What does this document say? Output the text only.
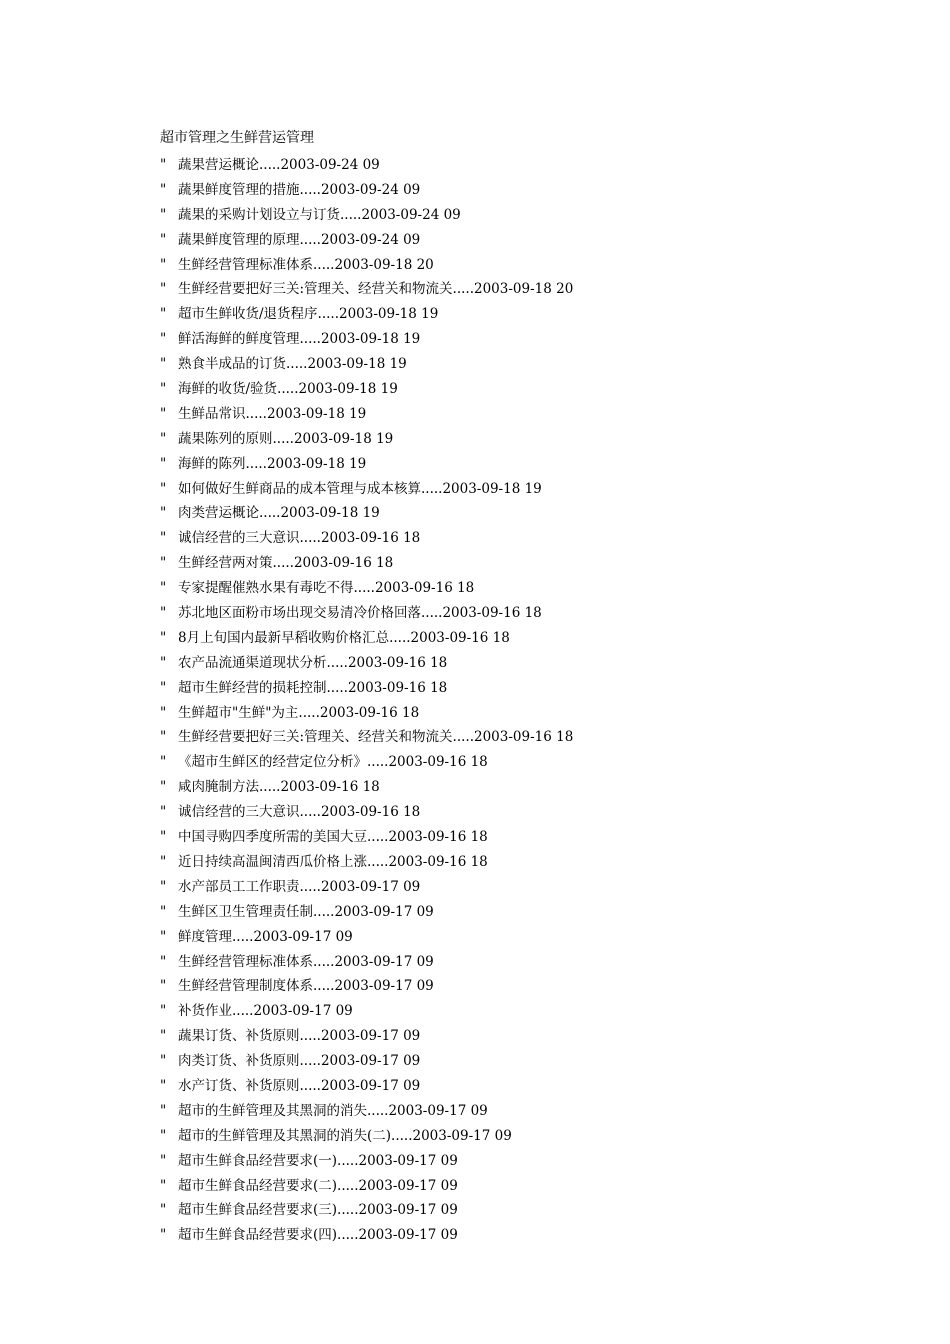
超市管理之生鲜营运管理
" 蔬果营运概论.....2003-09-24 09
" 蔬果鲜度管理的措施.....2003-09-24 09
" 蔬果的采购计划设立与订货.....2003-09-24 09
" 蔬果鲜度管理的原理.....2003-09-24 09
" 生鲜经营管理标准体系.....2003-09-18 20
" 生鲜经营要把好三关:管理关、经营关和物流关.....2003-09-18 20
" 超市生鲜收货/退货程序.....2003-09-18 19
" 鲜活海鲜的鲜度管理.....2003-09-18 19
" 熟食半成品的订货.....2003-09-18 19
" 海鲜的收货/验货.....2003-09-18 19
" 生鲜品常识.....2003-09-18 19
" 蔬果陈列的原则.....2003-09-18 19
" 海鲜的陈列.....2003-09-18 19
" 如何做好生鲜商品的成本管理与成本核算.....2003-09-18 19
" 肉类营运概论.....2003-09-18 19
" 诚信经营的三大意识.....2003-09-16 18
" 生鲜经营两对策.....2003-09-16 18
" 专家提醒催熟水果有毒吃不得.....2003-09-16 18
" 苏北地区面粉市场出现交易清冷价格回落.....2003-09-16 18
" 8月上旬国内最新早稻收购价格汇总.....2003-09-16 18
" 农产品流通渠道现状分析.....2003-09-16 18
" 超市生鲜经营的损耗控制.....2003-09-16 18
" 生鲜超市"生鲜"为主.....2003-09-16 18
" 生鲜经营要把好三关:管理关、经营关和物流关.....2003-09-16 18
" 《超市生鲜区的经营定位分析》.....2003-09-16 18
" 咸肉腌制方法.....2003-09-16 18
" 诚信经营的三大意识.....2003-09-16 18
" 中国寻购四季度所需的美国大豆.....2003-09-16 18
" 近日持续高温闽清西瓜价格上涨.....2003-09-16 18
" 水产部员工工作职责.....2003-09-17 09
" 生鲜区卫生管理责任制.....2003-09-17 09
" 鲜度管理.....2003-09-17 09
" 生鲜经营管理标准体系.....2003-09-17 09
" 生鲜经营管理制度体系.....2003-09-17 09
" 补货作业.....2003-09-17 09
" 蔬果订货、补货原则.....2003-09-17 09
" 肉类订货、补货原则.....2003-09-17 09
" 水产订货、补货原则.....2003-09-17 09
" 超市的生鲜管理及其黑洞的消失.....2003-09-17 09
" 超市的生鲜管理及其黑洞的消失(二).....2003-09-17 09
" 超市生鲜食品经营要求(一).....2003-09-17 09
" 超市生鲜食品经营要求(二).....2003-09-17 09
" 超市生鲜食品经营要求(三).....2003-09-17 09
" 超市生鲜食品经营要求(四).....2003-09-17 09
